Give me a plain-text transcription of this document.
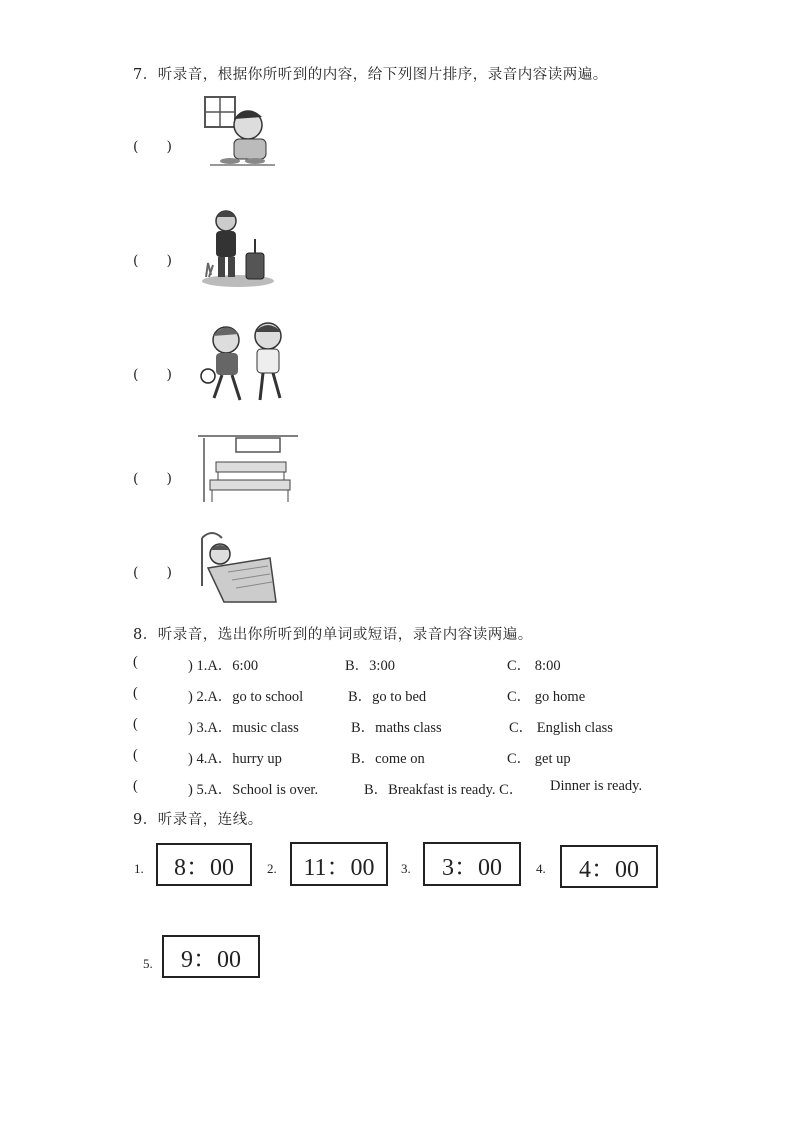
7．听录音，根据你所听到的内容，给下列图片排序，录音内容读两遍。
(　　)
(　　)
(　　)
(　　)
(　　)
8．听录音，选出你所听到的单词或短语，录音内容读两遍。
(	) 1.A．6:00	B．3:00	C． 8:00
(	) 2.A．go to school	B．go to bed	C． go home
(	) 3.A．music class	B．maths class	C． English class
(	) 4.A．hurry up	B．come on	C． get up
(	) 5.A．School is over.	B．Breakfast is ready. C． Dinner is ready.
9．听录音，连线。
1. 8：00	2. 11：00 3. 3：00	4. 4：00
5. 9：00
